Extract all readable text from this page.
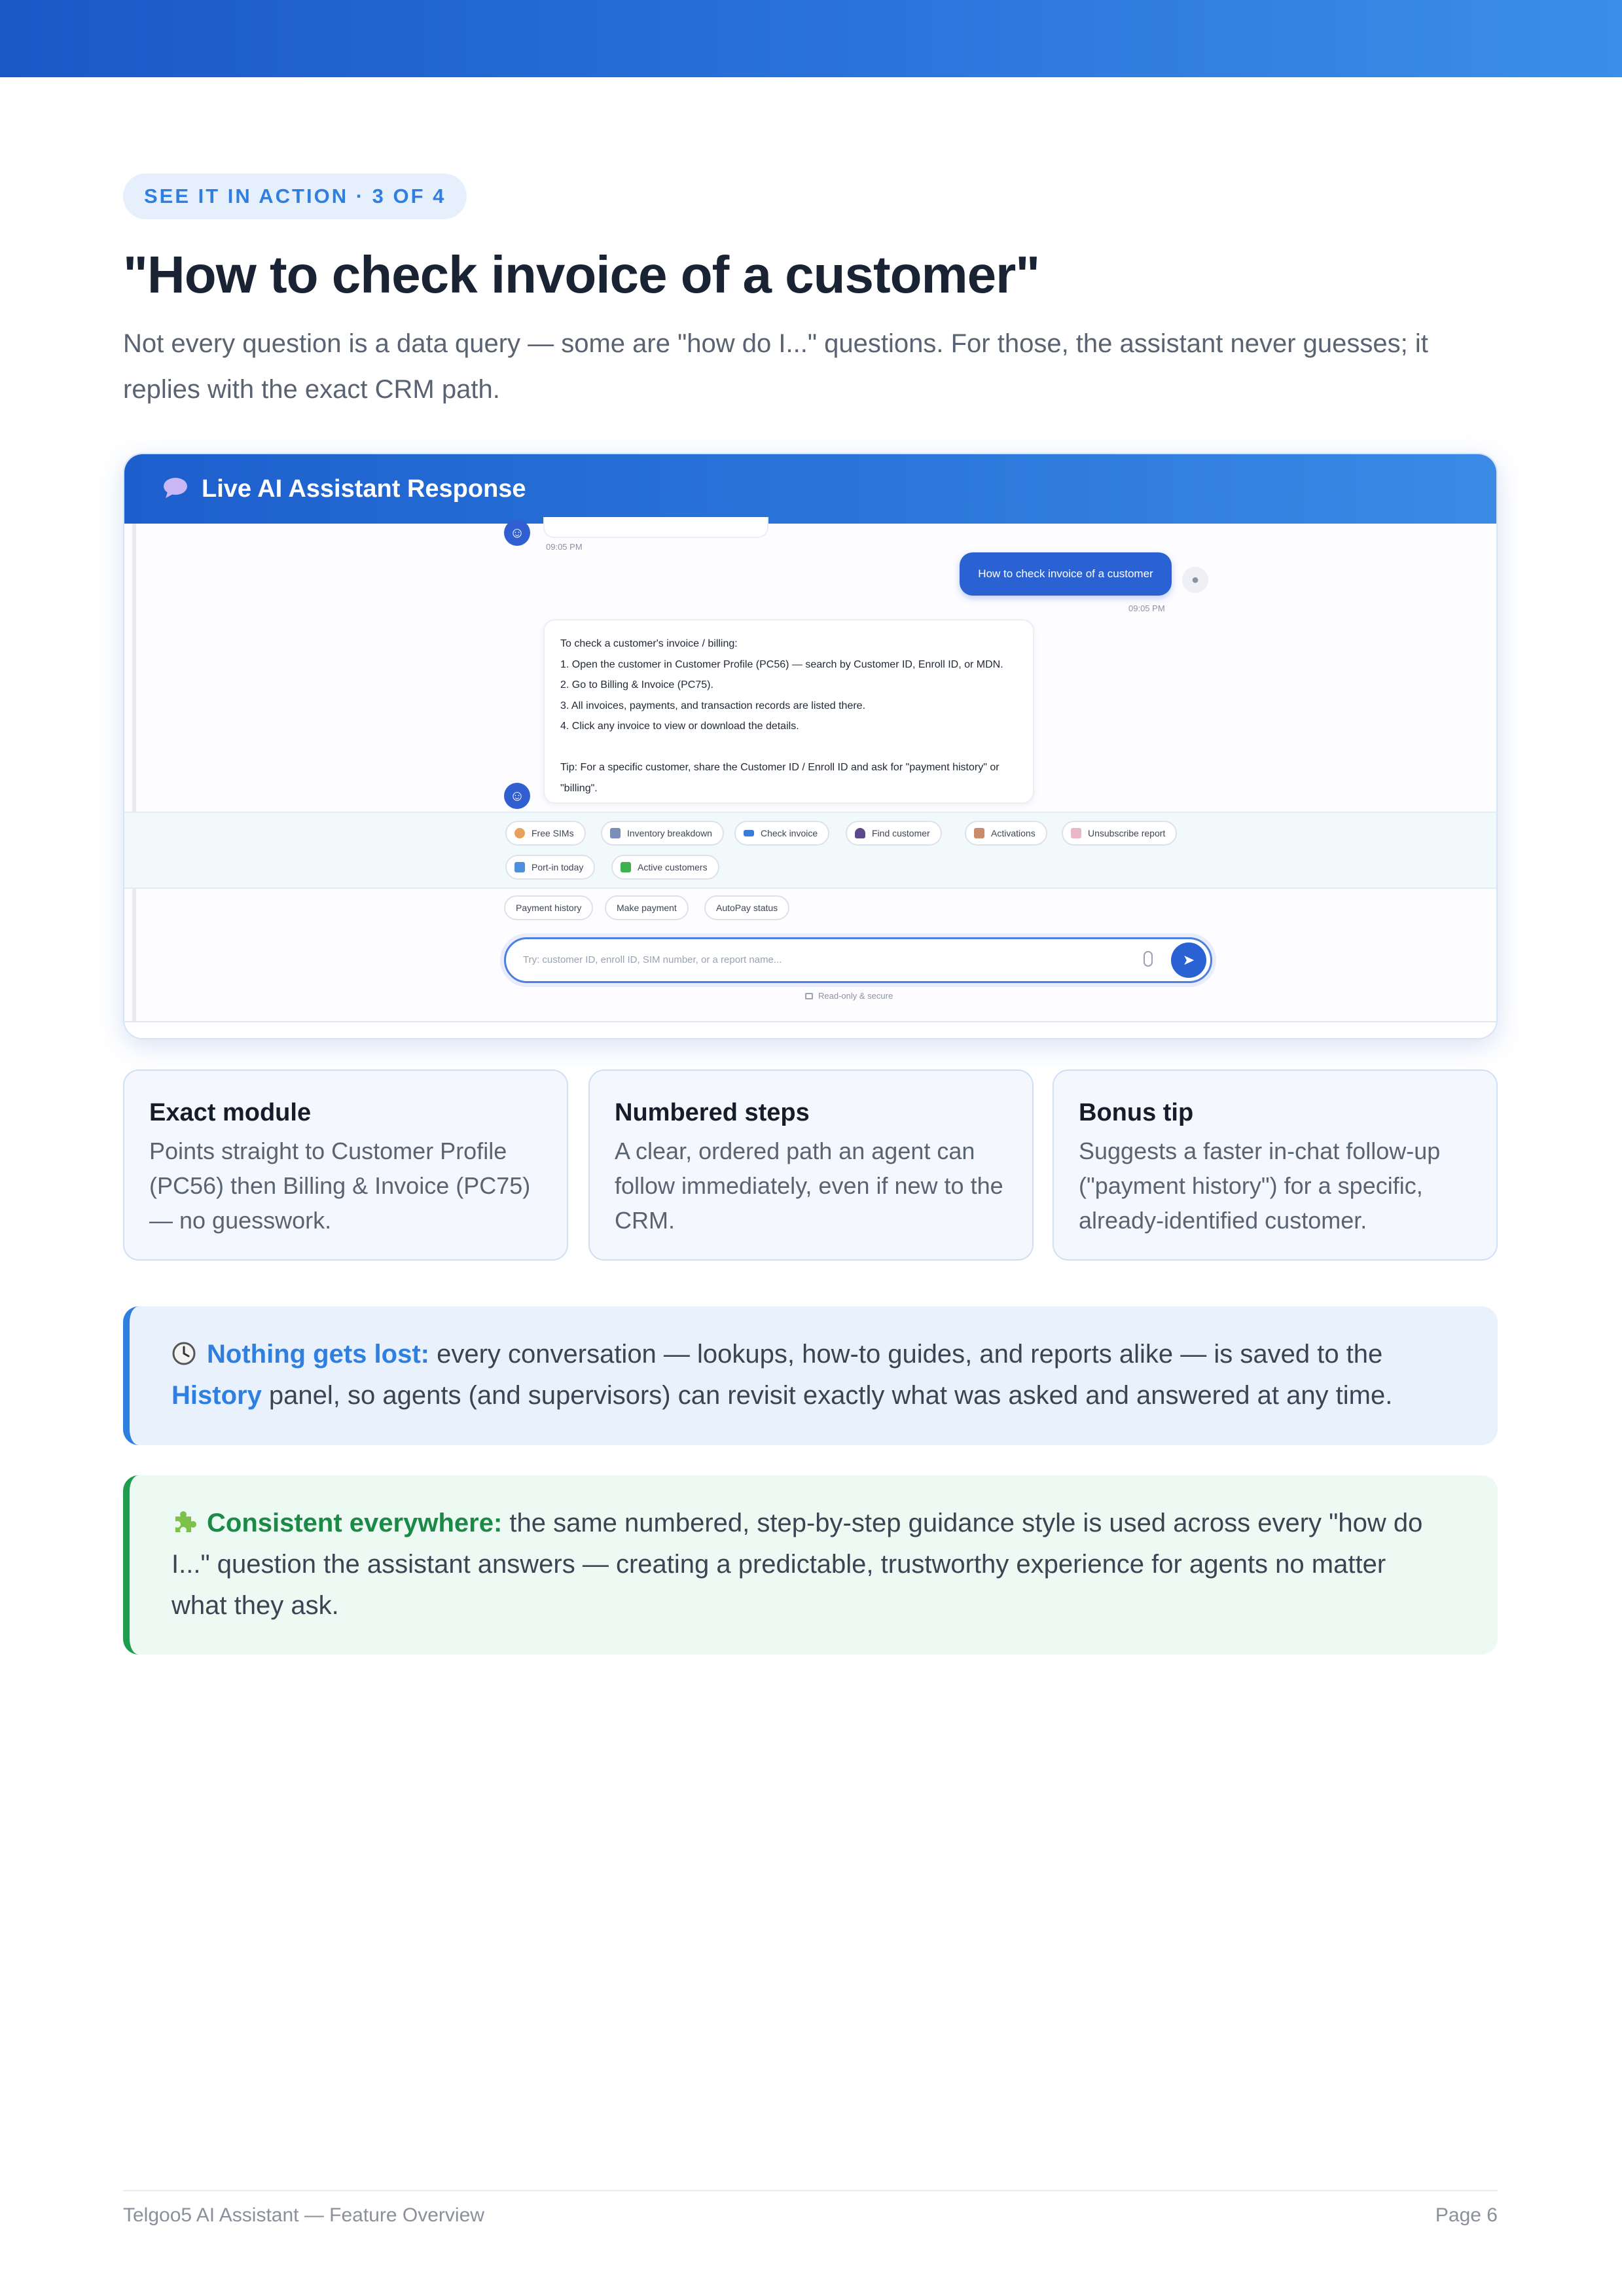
SEE IT IN ACTION · 3 OF 4
"How to check invoice of a customer"

Not every question is a data query — some are "how do I..." questions. For those, the assistant never guesses; it replies with the exact CRM path.

Live AI Assistant Response
☺
09:05 PM
How to check invoice of a customer	●
09:05 PM
To check a customer's invoice / billing:
1. Open the customer in Customer Profile (PC56) — search by Customer ID, Enroll ID, or MDN.
2. Go to Billing & Invoice (PC75).
3. All invoices, payments, and transaction records are listed there.
4. Click any invoice to view or download the details.

Tip: For a specific customer, share the Customer ID / Enroll ID and ask for "payment history" or
"billing".
☺
Free SIMs	Inventory breakdown	Check invoice	Find customer	Activations	Unsubscribe report
Port-in today	Active customers
Payment history	Make payment	AutoPay status
Try: customer ID, enroll ID, SIM number, or a report name...	➤
Read-only & secure
Exact module

Points straight to Customer Profile (PC56) then Billing & Invoice (PC75) — no guesswork.

Numbered steps

A clear, ordered path an agent can follow immediately, even if new to the CRM.

Bonus tip

Suggests a faster in-chat follow-up ("payment history") for a specific, already-identified customer.

Nothing gets lost: every conversation — lookups, how-to guides, and reports alike — is saved to the History panel, so agents (and supervisors) can revisit exactly what was asked and answered at any time.
Consistent everywhere: the same numbered, step-by-step guidance style is used across every "how do I..." question the assistant answers — creating a predictable, trustworthy experience for agents no matter what they ask.
Telgoo5 AI Assistant — Feature Overview	Page 6
